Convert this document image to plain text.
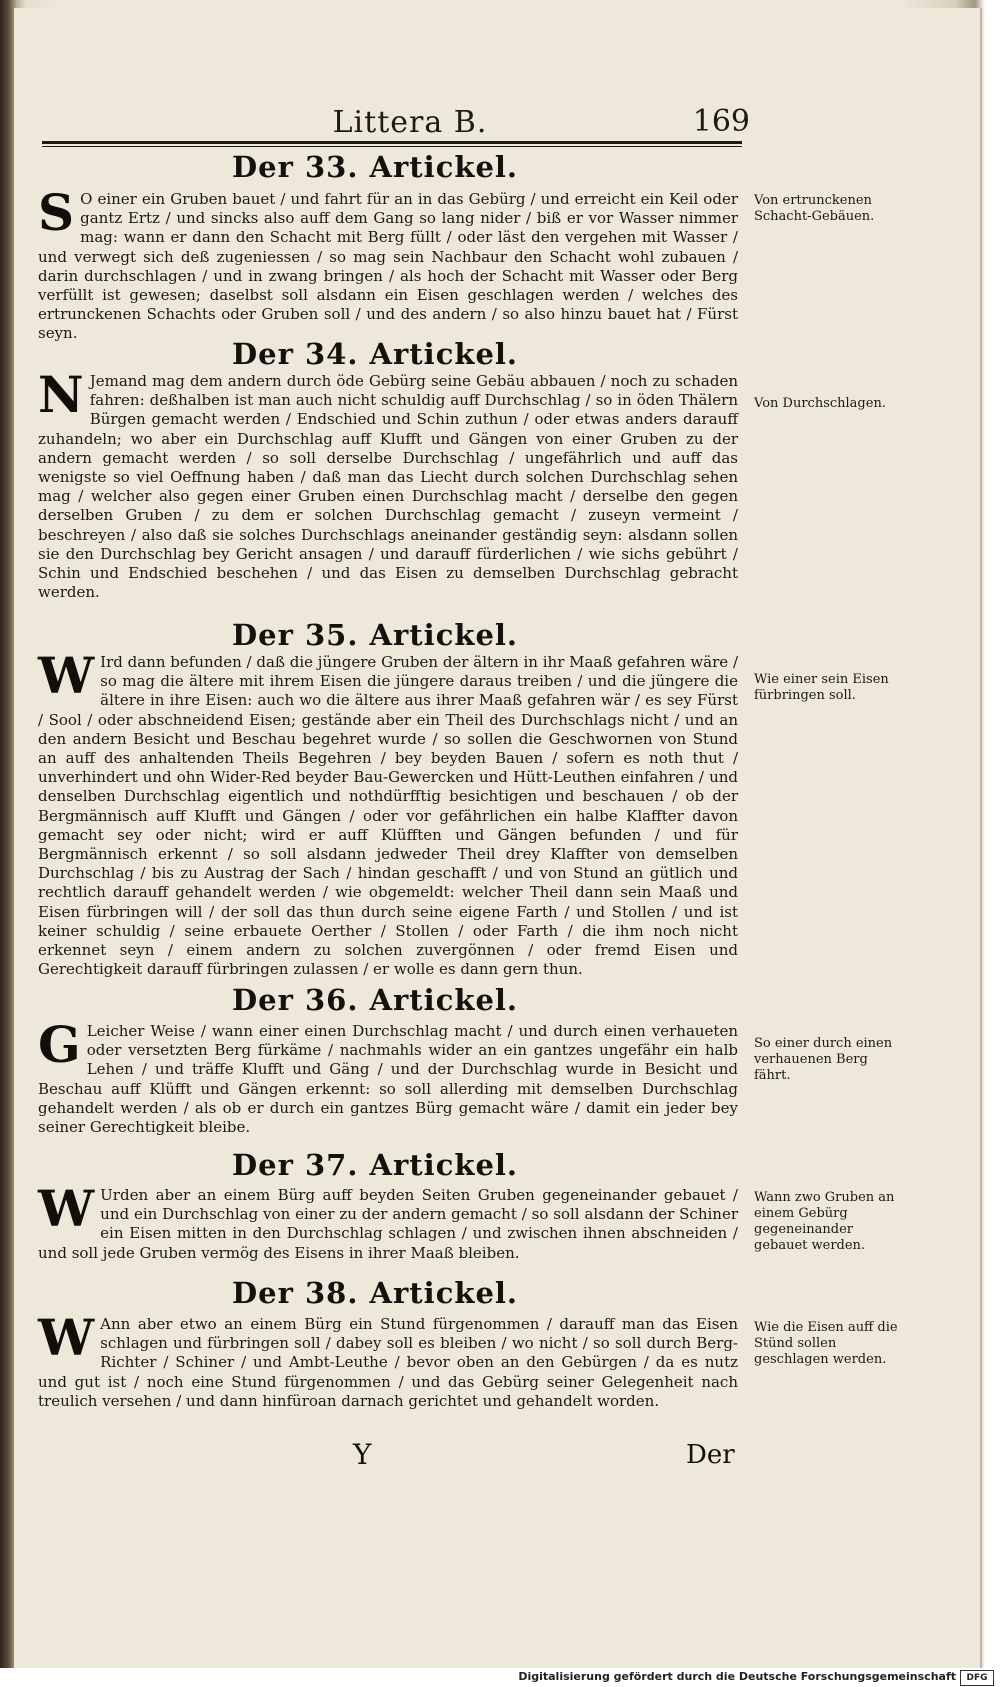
Littera B.	169
Der 33. Artickel.
S O einer ein Gruben bauet / und fahrt für an in das Gebürg / und erreicht ein Keil oder gantz Ertz / und sincks also auff dem Gang so lang nider / biß er vor Wasser nimmer mag: wann er dann den Schacht mit Berg füllt / oder läst den vergehen mit Wasser / und verwegt sich deß zugeniessen / so mag sein Nachbaur den Schacht wohl zubauen / darin durchschlagen / und in zwang bringen / als hoch der Schacht mit Wasser oder Berg verfüllt ist gewesen; daselbst soll alsdann ein Eisen geschlagen werden / welches des ertrunckenen Schachts oder Gruben soll / und des andern / so also hinzu bauet hat / Fürst seyn.
Von ertrunckenen Schacht-Gebäuen.
Der 34. Artickel.
N Jemand mag dem andern durch öde Gebürg seine Gebäu abbauen / noch zu schaden fahren: deßhalben ist man auch nicht schuldig auff Durchschlag / so in öden Thälern Bürgen gemacht werden / Endschied und Schin zuthun / oder etwas anders darauff zuhandeln; wo aber ein Durchschlag auff Klufft und Gängen von einer Gruben zu der andern gemacht werden / so soll derselbe Durchschlag / ungefährlich und auff das wenigste so viel Oeffnung haben / daß man das Liecht durch solchen Durchschlag sehen mag / welcher also gegen einer Gruben einen Durchschlag macht / derselbe den gegen derselben Gruben / zu dem er solchen Durchschlag gemacht / zuseyn vermeint / beschreyen / also daß sie solches Durchschlags aneinander geständig seyn: alsdann sollen sie den Durchschlag bey Gericht ansagen / und darauff fürderlichen / wie sichs gebührt / Schin und Endschied beschehen / und das Eisen zu demselben Durchschlag gebracht werden.
Von Durchschlagen.
Der 35. Artickel.
W Ird dann befunden / daß die jüngere Gruben der ältern in ihr Maaß gefahren wäre / so mag die ältere mit ihrem Eisen die jüngere daraus treiben / und die jüngere die ältere in ihre Eisen: auch wo die ältere aus ihrer Maaß gefahren wär / es sey Fürst / Sool / oder abschneidend Eisen; gestände aber ein Theil des Durchschlags nicht / und an den andern Besicht und Beschau begehret wurde / so sollen die Geschwornen von Stund an auff des anhaltenden Theils Begehren / bey beyden Bauen / sofern es noth thut / unverhindert und ohn Wider-Red beyder Bau-Gewercken und Hütt-Leuthen einfahren / und denselben Durchschlag eigentlich und nothdürfftig besichtigen und beschauen / ob der Bergmännisch auff Klufft und Gängen / oder vor gefährlichen ein halbe Klaffter davon gemacht sey oder nicht; wird er auff Klüfften und Gängen befunden / und für Bergmännisch erkennt / so soll alsdann jedweder Theil drey Klaffter von demselben Durchschlag / bis zu Austrag der Sach / hindan geschafft / und von Stund an gütlich und rechtlich darauff gehandelt werden / wie obgemeldt: welcher Theil dann sein Maaß und Eisen fürbringen will / der soll das thun durch seine eigene Farth / und Stollen / und ist keiner schuldig / seine erbauete Oerther / Stollen / oder Farth / die ihm noch nicht erkennet seyn / einem andern zu solchen zuvergönnen / oder fremd Eisen und Gerechtigkeit darauff fürbringen zulassen / er wolle es dann gern thun.
Wie einer sein Eisen fürbringen soll.
Der 36. Artickel.
G Leicher Weise / wann einer einen Durchschlag macht / und durch einen verhaueten oder versetzten Berg fürkäme / nachmahls wider an ein gantzes ungefähr ein halb Lehen / und träffe Klufft und Gäng / und der Durchschlag wurde in Besicht und Beschau auff Klüfft und Gängen erkennt: so soll allerding mit demselben Durchschlag gehandelt werden / als ob er durch ein gantzes Bürg gemacht wäre / damit ein jeder bey seiner Gerechtigkeit bleibe.
So einer durch einen verhauenen Berg fährt.
Der 37. Artickel.
W Urden aber an einem Bürg auff beyden Seiten Gruben gegeneinander gebauet / und ein Durchschlag von einer zu der andern gemacht / so soll alsdann der Schiner ein Eisen mitten in den Durchschlag schlagen / und zwischen ihnen abschneiden / und soll jede Gruben vermög des Eisens in ihrer Maaß bleiben.
Wann zwo Gruben an einem Gebürg gegeneinander gebauet werden.
Der 38. Artickel.
W Ann aber etwo an einem Bürg ein Stund fürgenommen / darauff man das Eisen schlagen und fürbringen soll / dabey soll es bleiben / wo nicht / so soll durch Berg-Richter / Schiner / und Ambt-Leuthe / bevor oben an den Gebürgen / da es nutz und gut ist / noch eine Stund fürgenommen / und das Gebürg seiner Gelegenheit nach treulich versehen / und dann hinfüroan darnach gerichtet und gehandelt worden.
Wie die Eisen auff die Stünd sollen geschlagen werden.
Y	Der
Digitalisierung gefördert durch die Deutsche Forschungsgemeinschaft	DFG
